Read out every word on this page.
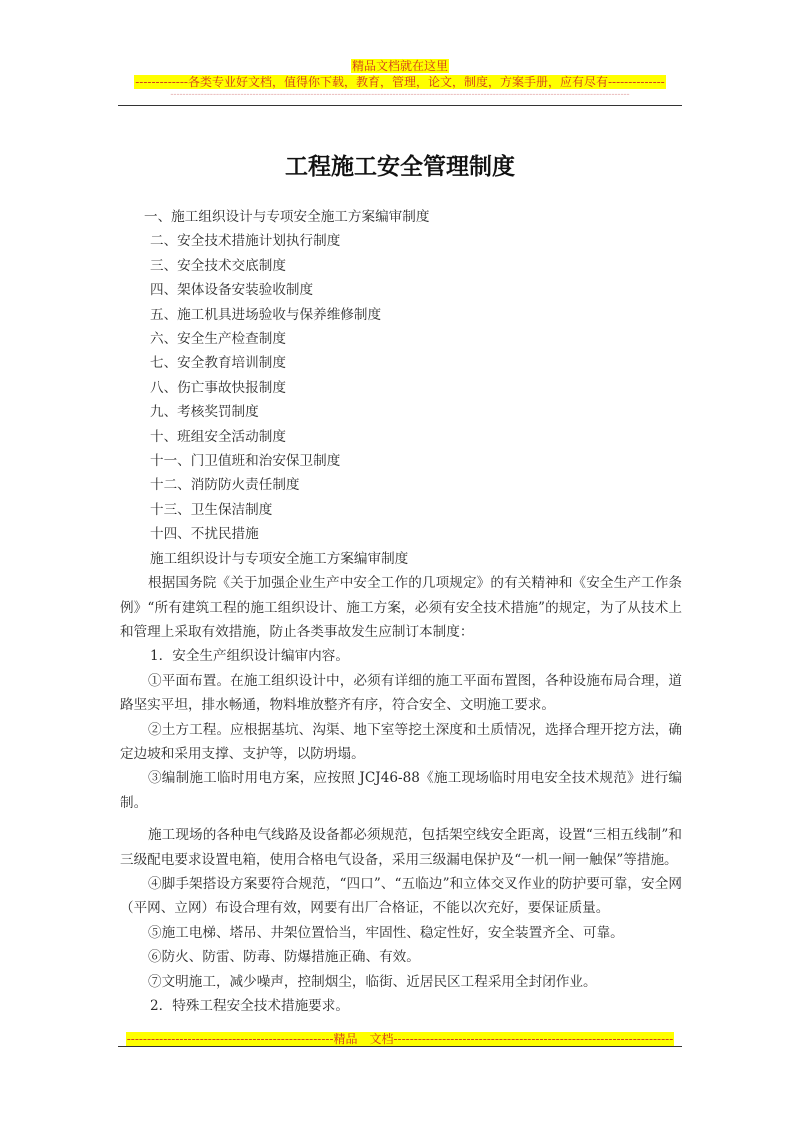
精品文档就在这里
-------------各类专业好文档，值得你下载，教育，管理，论文，制度，方案手册，应有尽有--------------
-------------------------------------------------------------------------------------------------------------------------------------------------------
工程施工安全管理制度
一、施工组织设计与专项安全施工方案编审制度
二、安全技术措施计划执行制度
三、安全技术交底制度
四、架体设备安装验收制度
五、施工机具进场验收与保养维修制度
六、安全生产检查制度
七、安全教育培训制度
八、伤亡事故快报制度
九、考核奖罚制度
十、班组安全活动制度
十一、门卫值班和治安保卫制度
十二、消防防火责任制度
十三、卫生保洁制度
十四、不扰民措施
施工组织设计与专项安全施工方案编审制度
根据国务院《关于加强企业生产中安全工作的几项规定》的有关精神和《安全生产工作条例》“所有建筑工程的施工组织设计、施工方案，必须有安全技术措施”的规定，为了从技术上和管理上采取有效措施，防止各类事故发生应制订本制度：
1．安全生产组织设计编审内容。
①平面布置。在施工组织设计中，必须有详细的施工平面布置图，各种设施布局合理，道路坚实平坦，排水畅通，物料堆放整齐有序，符合安全、文明施工要求。
②土方工程。应根据基坑、沟渠、地下室等挖土深度和土质情况，选择合理开挖方法，确定边坡和采用支撑、支护等，以防坍塌。
③编制施工临时用电方案，应按照 JCJ46-88《施工现场临时用电安全技术规范》进行编制。
施工现场的各种电气线路及设备都必须规范，包括架空线安全距离，设置“三相五线制”和三级配电要求设置电箱，使用合格电气设备，采用三级漏电保护及“一机一闸一触保”等措施。
④脚手架搭设方案要符合规范，“四口”、“五临边”和立体交叉作业的防护要可靠，安全网（平网、立网）布设合理有效，网要有出厂合格证，不能以次充好，要保证质量。
⑤施工电梯、塔吊、井架位置恰当，牢固性、稳定性好，安全装置齐全、可靠。
⑥防火、防雷、防毒、防爆措施正确、有效。
⑦文明施工，减少噪声，控制烟尘，临街、近居民区工程采用全封闭作业。
2．特殊工程安全技术措施要求。
---------------------------------------------------精品　文档---------------------------------------------------------------------
